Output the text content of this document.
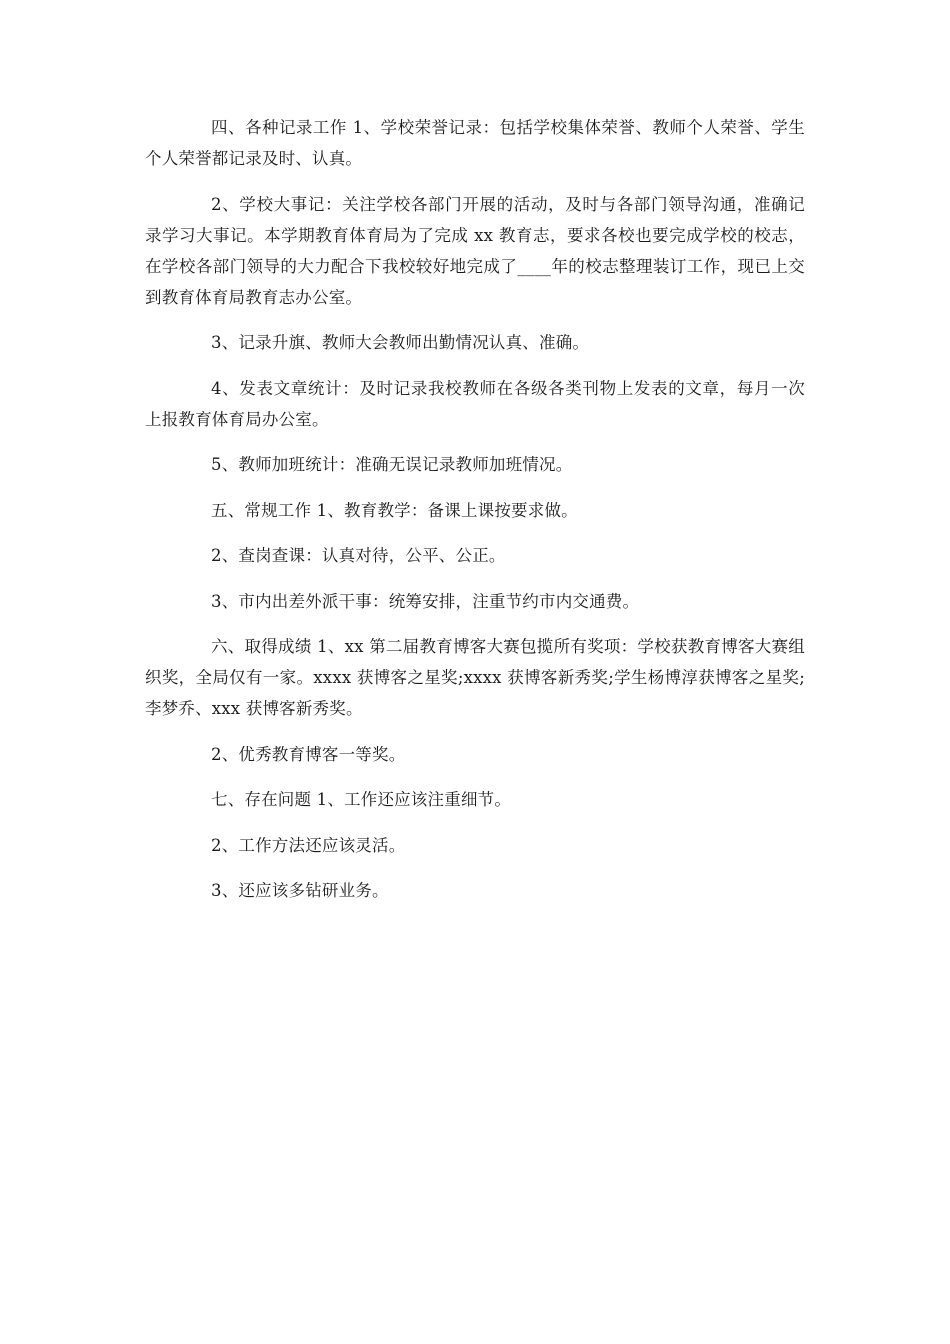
四、各种记录工作 1、学校荣誉记录：包括学校集体荣誉、教师个人荣誉、学生个人荣誉都记录及时、认真。

2、学校大事记：关注学校各部门开展的活动，及时与各部门领导沟通，准确记录学习大事记。本学期教育体育局为了完成 xx 教育志，要求各校也要完成学校的校志，在学校各部门领导的大力配合下我校较好地完成了____年的校志整理装订工作，现已上交到教育体育局教育志办公室。

3、记录升旗、教师大会教师出勤情况认真、准确。

4、发表文章统计：及时记录我校教师在各级各类刊物上发表的文章，每月一次上报教育体育局办公室。

5、教师加班统计：准确无误记录教师加班情况。

五、常规工作 1、教育教学：备课上课按要求做。

2、查岗查课：认真对待，公平、公正。

3、市内出差外派干事：统筹安排，注重节约市内交通费。

六、取得成绩 1、xx 第二届教育博客大赛包揽所有奖项：学校获教育博客大赛组织奖，全局仅有一家。xxxx 获博客之星奖;xxxx 获博客新秀奖;学生杨博淳获博客之星奖;李梦乔、xxx 获博客新秀奖。

2、优秀教育博客一等奖。

七、存在问题 1、工作还应该注重细节。

2、工作方法还应该灵活。

3、还应该多钻研业务。
